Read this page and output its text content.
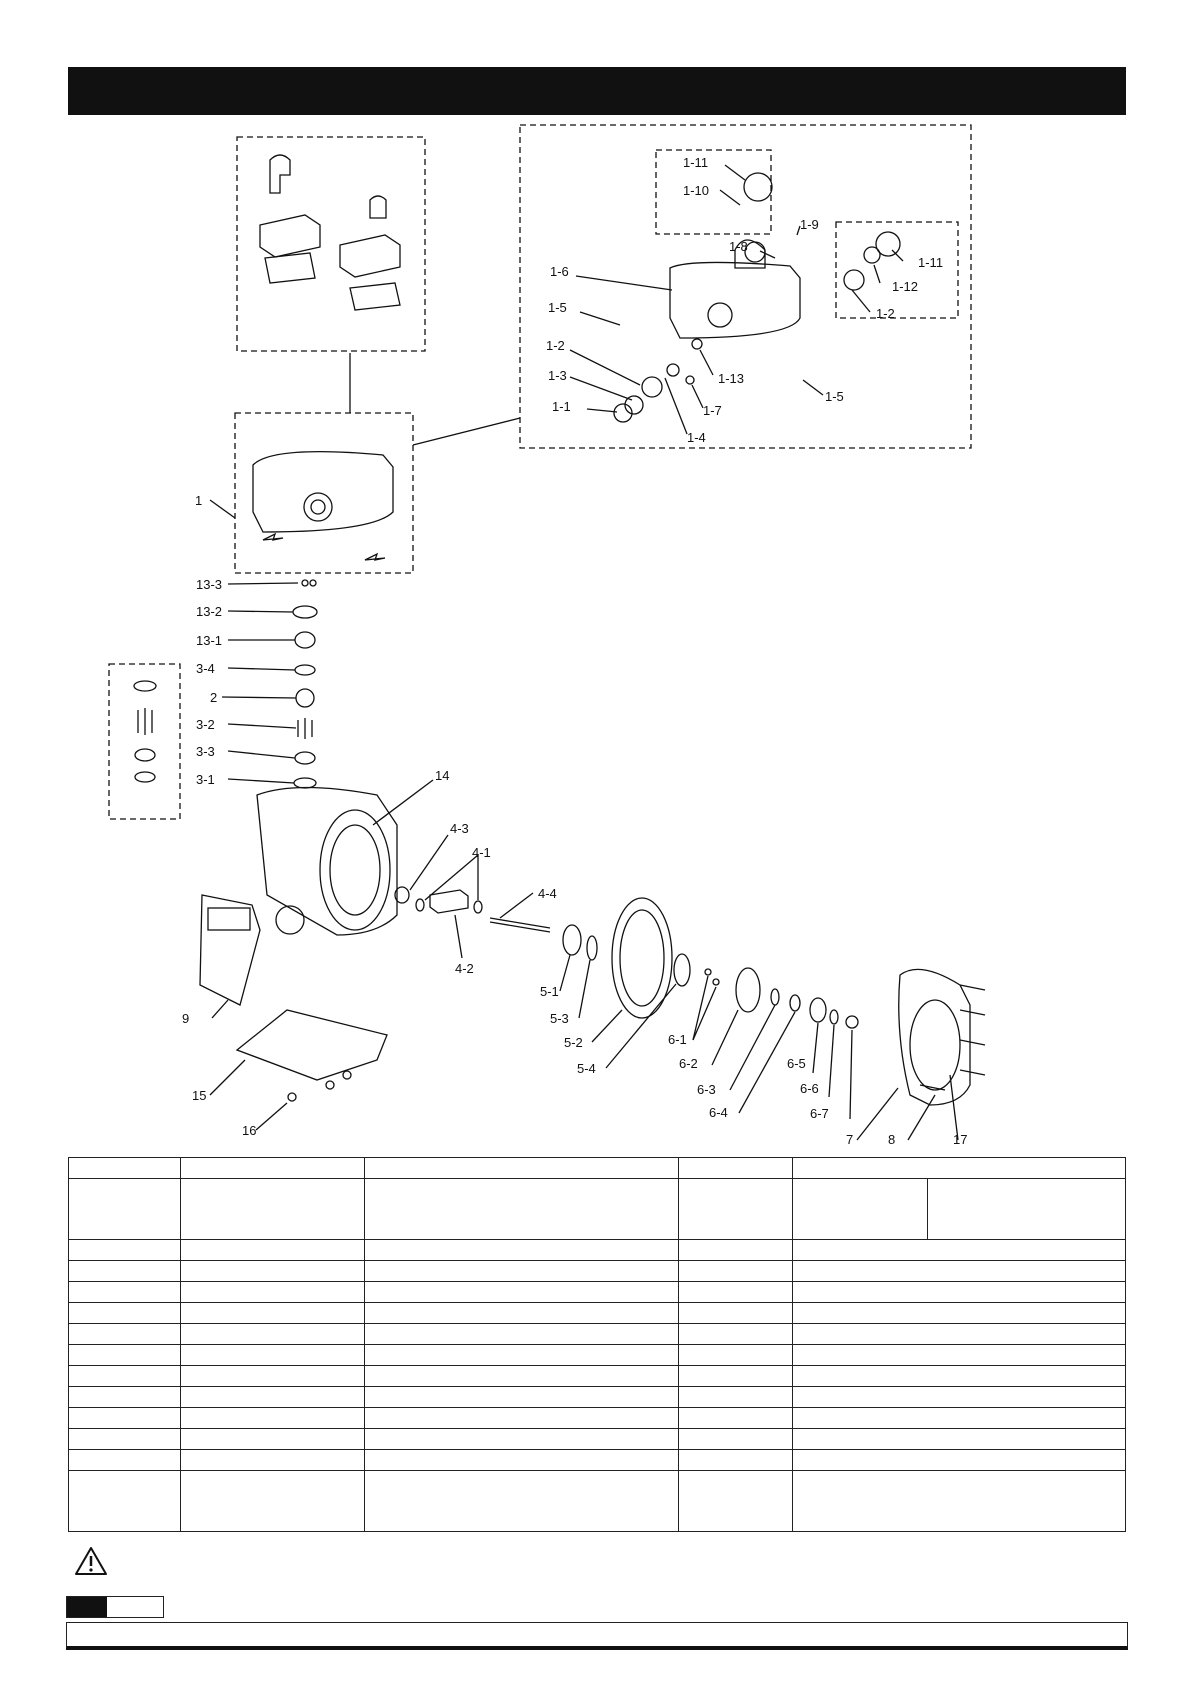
1-11
1-10
1-9
1-8
1-6
1-5
1-2
1-3
1-1
1-4
1-7
1-13
1-5
1-11
1-12
1-2
1
13-3
13-2
13-1
3-4
2
3-2
3-3
3-1	14
9
15
16
4-3
4-1
4-4
4-2
5-1
5-3
5-2
5-4
6-1
6-2
6-3
6-4
6-5
6-6
6-7
7	8	17
